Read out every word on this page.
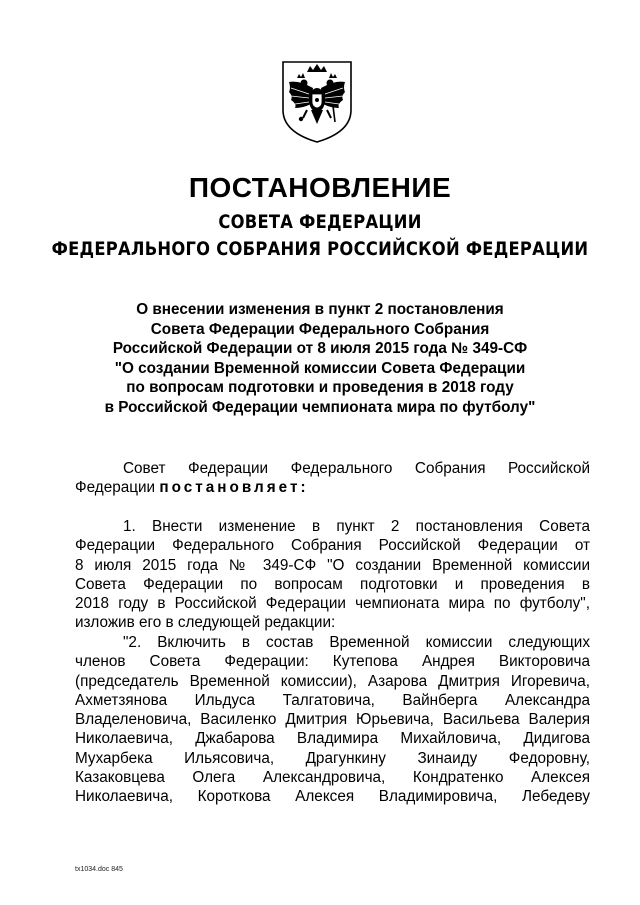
ПОСТАНОВЛЕНИЕ
СОВЕТА ФЕДЕРАЦИИ
ФЕДЕРАЛЬНОГО СОБРАНИЯ РОССИЙСКОЙ ФЕДЕРАЦИИ
О внесении изменения в пункт 2 постановления
Совета Федерации Федерального Собрания
Российской Федерации от 8 июля 2015 года № 349-СФ
"О создании Временной комиссии Совета Федерации
по вопросам подготовки и проведения в 2018 году
в Российской Федерации чемпионата мира по футболу"
Совет Федерации Федерального Собрания Российской
Федерации постановляет:
1. Внести изменение в пункт 2 постановления Совета
Федерации Федерального Собрания Российской Федерации от
8 июля 2015 года № 349-СФ "О создании Временной комиссии
Совета Федерации по вопросам подготовки и проведения в
2018 году в Российской Федерации чемпионата мира по футболу",
изложив его в следующей редакции:
"2. Включить в состав Временной комиссии следующих
членов Совета Федерации: Кутепова Андрея Викторовича
(председатель Временной комиссии), Азарова Дмитрия Игоревича,
Ахметзянова Ильдуса Талгатовича, Вайнберга Александра
Владеленовича, Василенко Дмитрия Юрьевича, Васильева Валерия
Николаевича, Джабарова Владимира Михайловича, Дидигова
Мухарбека Ильясовича, Драгункину Зинаиду Федоровну,
Казаковцева Олега Александровича, Кондратенко Алексея
Николаевича, Короткова Алексея Владимировича, Лебедеву
tx1034.doc 845
